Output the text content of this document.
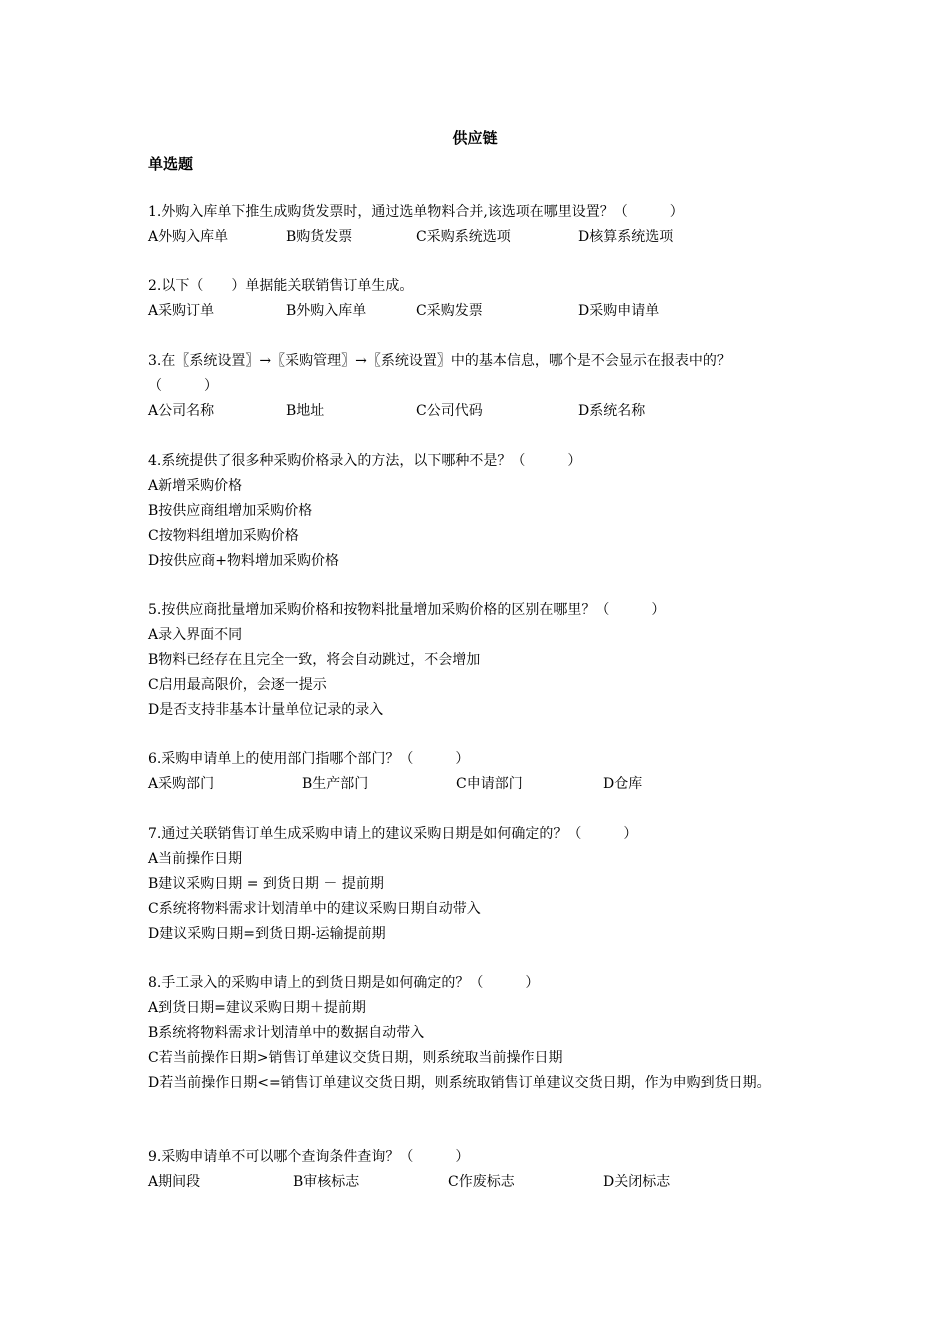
供应链
单选题
1.外购入库单下推生成购货发票时，通过选单物料合并,该选项在哪里设置？（　　　）
A外购入库单	B购货发票	C采购系统选项	D核算系统选项
2.以下（　　）单据能关联销售订单生成。
A采购订单	B外购入库单	C采购发票	D采购申请单
3.在〖系统设置〗→〖采购管理〗→〖系统设置〗中的基本信息，哪个是不会显示在报表中的？
（　　　）
A公司名称	B地址	C公司代码	D系统名称
4.系统提供了很多种采购价格录入的方法，以下哪种不是？（　　　）
A新增采购价格
B按供应商组增加采购价格
C按物料组增加采购价格
D按供应商+物料增加采购价格
5.按供应商批量增加采购价格和按物料批量增加采购价格的区别在哪里？（　　　）
A录入界面不同
B物料已经存在且完全一致，将会自动跳过，不会增加
C启用最高限价，会逐一提示
D是否支持非基本计量单位记录的录入
6.采购申请单上的使用部门指哪个部门？（　　　）
A采购部门	B生产部门	C申请部门	D仓库
7.通过关联销售订单生成采购申请上的建议采购日期是如何确定的？（　　　）
A当前操作日期
B建议采购日期 = 到货日期 － 提前期
C系统将物料需求计划清单中的建议采购日期自动带入
D建议采购日期=到货日期-运输提前期
8.手工录入的采购申请上的到货日期是如何确定的？（　　　）
A到货日期=建议采购日期＋提前期
B系统将物料需求计划清单中的数据自动带入
C若当前操作日期>销售订单建议交货日期，则系统取当前操作日期
D若当前操作日期<=销售订单建议交货日期，则系统取销售订单建议交货日期，作为申购到货日期。
9.采购申请单不可以哪个查询条件查询？（　　　）
A期间段	B审核标志	C作废标志	D关闭标志
